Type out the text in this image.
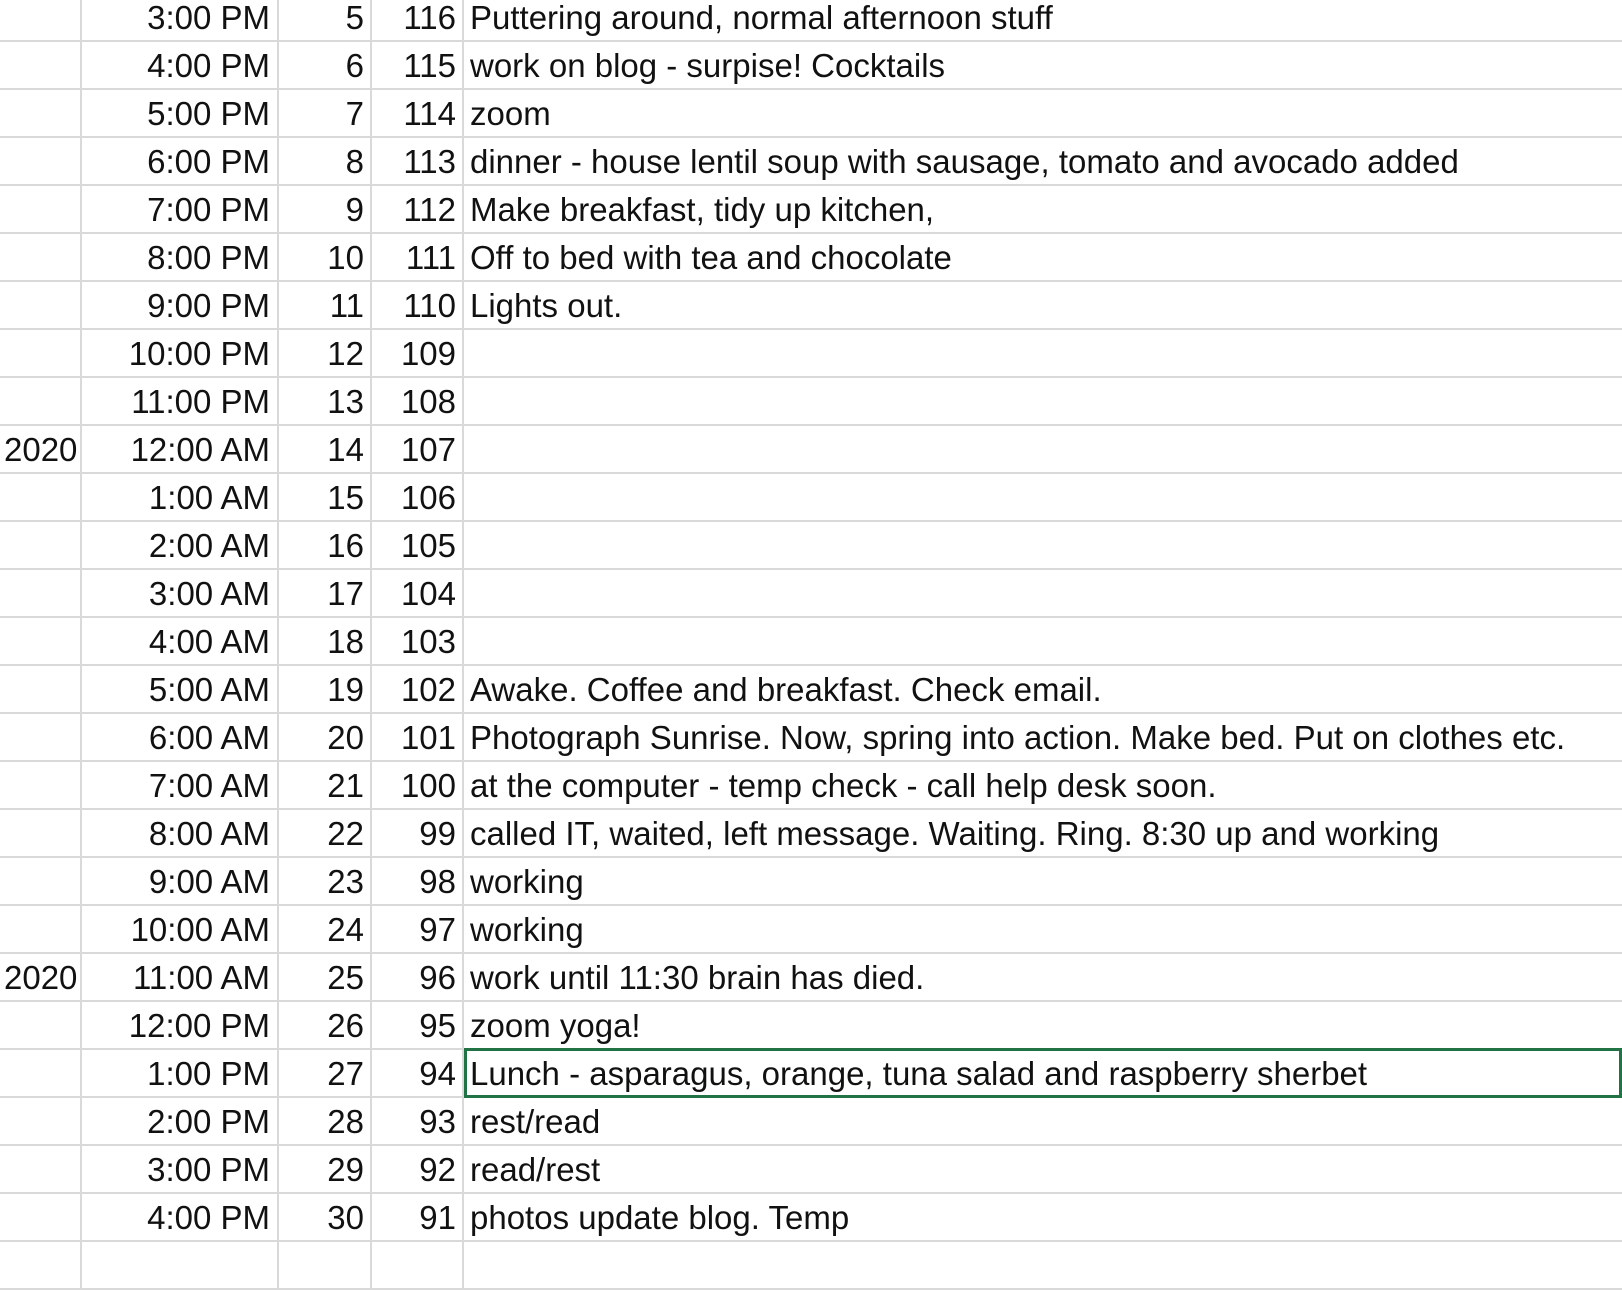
3:00 PM	5	116 Puttering around, normal afternoon stuff
4:00 PM	6	115 work on blog - surpise! Cocktails
5:00 PM	7	114 zoom
6:00 PM	8	113 dinner - house lentil soup with sausage, tomato and avocado added
7:00 PM	9	112 Make breakfast, tidy up kitchen,
8:00 PM	10	111 Off to bed with tea and chocolate
9:00 PM	11	110 Lights out.
10:00 PM	12	109
11:00 PM	13	108
2020	12:00 AM	14	107
1:00 AM	15	106
2:00 AM	16	105
3:00 AM	17	104
4:00 AM	18	103
5:00 AM	19	102 Awake. Coffee and breakfast. Check email.
6:00 AM	20	101 Photograph Sunrise. Now, spring into action. Make bed. Put on clothes etc.
7:00 AM	21	100 at the computer - temp check - call help desk soon.
8:00 AM	22	99 called IT, waited, left message. Waiting. Ring. 8:30 up and working
9:00 AM	23	98 working
10:00 AM	24	97 working
2020	11:00 AM	25	96 work until 11:30 brain has died.
12:00 PM	26	95 zoom yoga!
1:00 PM	27	94 Lunch - asparagus, orange, tuna salad and raspberry sherbet
2:00 PM	28	93 rest/read
3:00 PM	29	92 read/rest
4:00 PM	30	91 photos update blog. Temp
